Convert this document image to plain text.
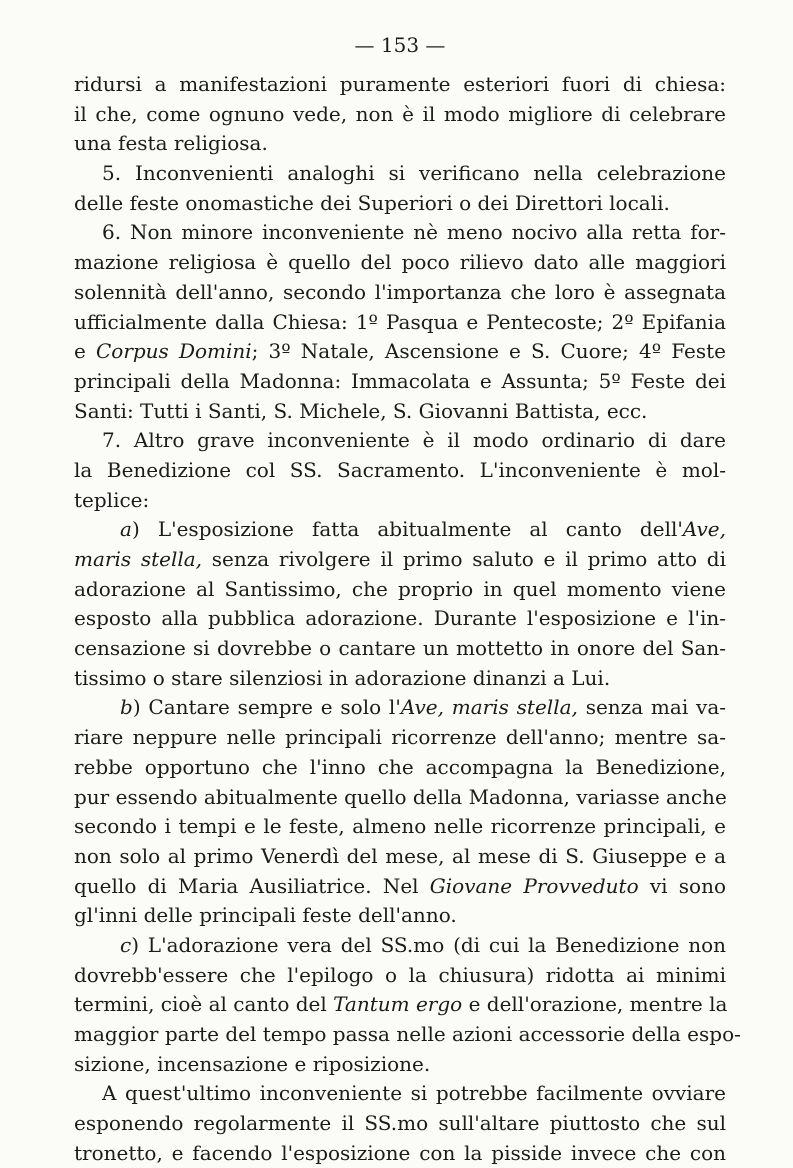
— 153 —
ridursi a manifestazioni puramente esteriori fuori di chiesa:
il che, come ognuno vede, non è il modo migliore di celebrare
una festa religiosa.
5. Inconvenienti analoghi si verificano nella celebrazione
delle feste onomastiche dei Superiori o dei Direttori locali.
6. Non minore inconveniente nè meno nocivo alla retta for-
mazione religiosa è quello del poco rilievo dato alle maggiori
solennità dell'anno, secondo l'importanza che loro è assegnata
ufficialmente dalla Chiesa: 1º Pasqua e Pentecoste; 2º Epifania
e Corpus Domini; 3º Natale, Ascensione e S. Cuore; 4º Feste
principali della Madonna: Immacolata e Assunta; 5º Feste dei
Santi: Tutti i Santi, S. Michele, S. Giovanni Battista, ecc.
7. Altro grave inconveniente è il modo ordinario di dare
la Benedizione col SS. Sacramento. L'inconveniente è mol-
teplice:
a) L'esposizione fatta abitualmente al canto dell'Ave,
maris stella, senza rivolgere il primo saluto e il primo atto di
adorazione al Santissimo, che proprio in quel momento viene
esposto alla pubblica adorazione. Durante l'esposizione e l'in-
censazione si dovrebbe o cantare un mottetto in onore del San-
tissimo o stare silenziosi in adorazione dinanzi a Lui.
b) Cantare sempre e solo l'Ave, maris stella, senza mai va-
riare neppure nelle principali ricorrenze dell'anno; mentre sa-
rebbe opportuno che l'inno che accompagna la Benedizione,
pur essendo abitualmente quello della Madonna, variasse anche
secondo i tempi e le feste, almeno nelle ricorrenze principali, e
non solo al primo Venerdì del mese, al mese di S. Giuseppe e a
quello di Maria Ausiliatrice. Nel Giovane Provveduto vi sono
gl'inni delle principali feste dell'anno.
c) L'adorazione vera del SS.mo (di cui la Benedizione non
dovrebb'essere che l'epilogo o la chiusura) ridotta ai minimi
termini, cioè al canto del Tantum ergo e dell'orazione, mentre la
maggior parte del tempo passa nelle azioni accessorie della espo-
sizione, incensazione e riposizione.
A quest'ultimo inconveniente si potrebbe facilmente ovviare
esponendo regolarmente il SS.mo sull'altare piuttosto che sul
tronetto, e facendo l'esposizione con la pisside invece che con
